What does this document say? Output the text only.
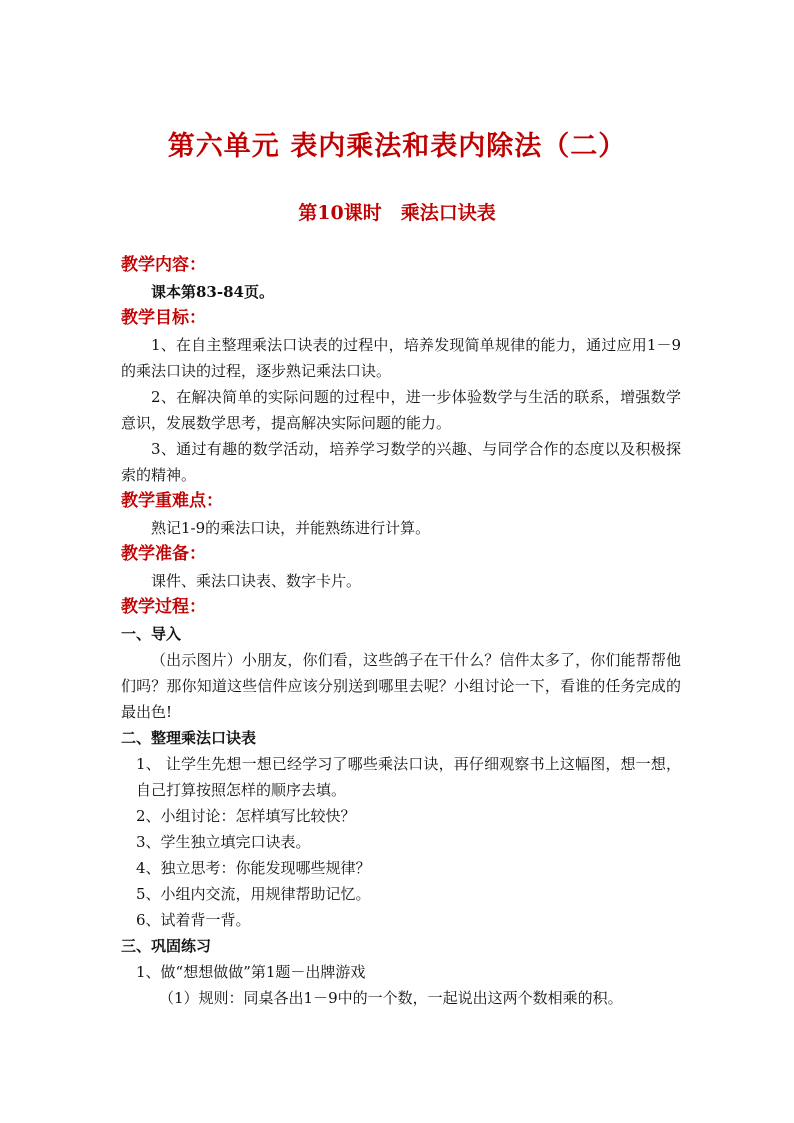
第六单元 表内乘法和表内除法（二）
第10课时　乘法口诀表
教学内容：
课本第83-84页。
教学目标：
1、在自主整理乘法口诀表的过程中，培养发现简单规律的能力，通过应用1－9的乘法口诀的过程，逐步熟记乘法口诀。
2、在解决简单的实际问题的过程中，进一步体验数学与生活的联系，增强数学意识，发展数学思考，提高解决实际问题的能力。
3、通过有趣的数学活动，培养学习数学的兴趣、与同学合作的态度以及积极探索的精神。
教学重难点：
熟记1-9的乘法口诀，并能熟练进行计算。
教学准备：
课件、乘法口诀表、数字卡片。
教学过程：
一、导入
（出示图片）小朋友，你们看，这些鸽子在干什么？信件太多了，你们能帮帮他们吗？那你知道这些信件应该分别送到哪里去呢？小组讨论一下，看谁的任务完成的最出色!
二、整理乘法口诀表
1、 让学生先想一想已经学习了哪些乘法口诀，再仔细观察书上这幅图，想一想，自己打算按照怎样的顺序去填。
2、小组讨论：怎样填写比较快？
3、学生独立填完口诀表。
4、独立思考：你能发现哪些规律？
5、小组内交流，用规律帮助记忆。
6、试着背一背。
三、巩固练习
1、做“想想做做”第1题－出牌游戏
（1）规则：同桌各出1－9中的一个数，一起说出这两个数相乘的积。
